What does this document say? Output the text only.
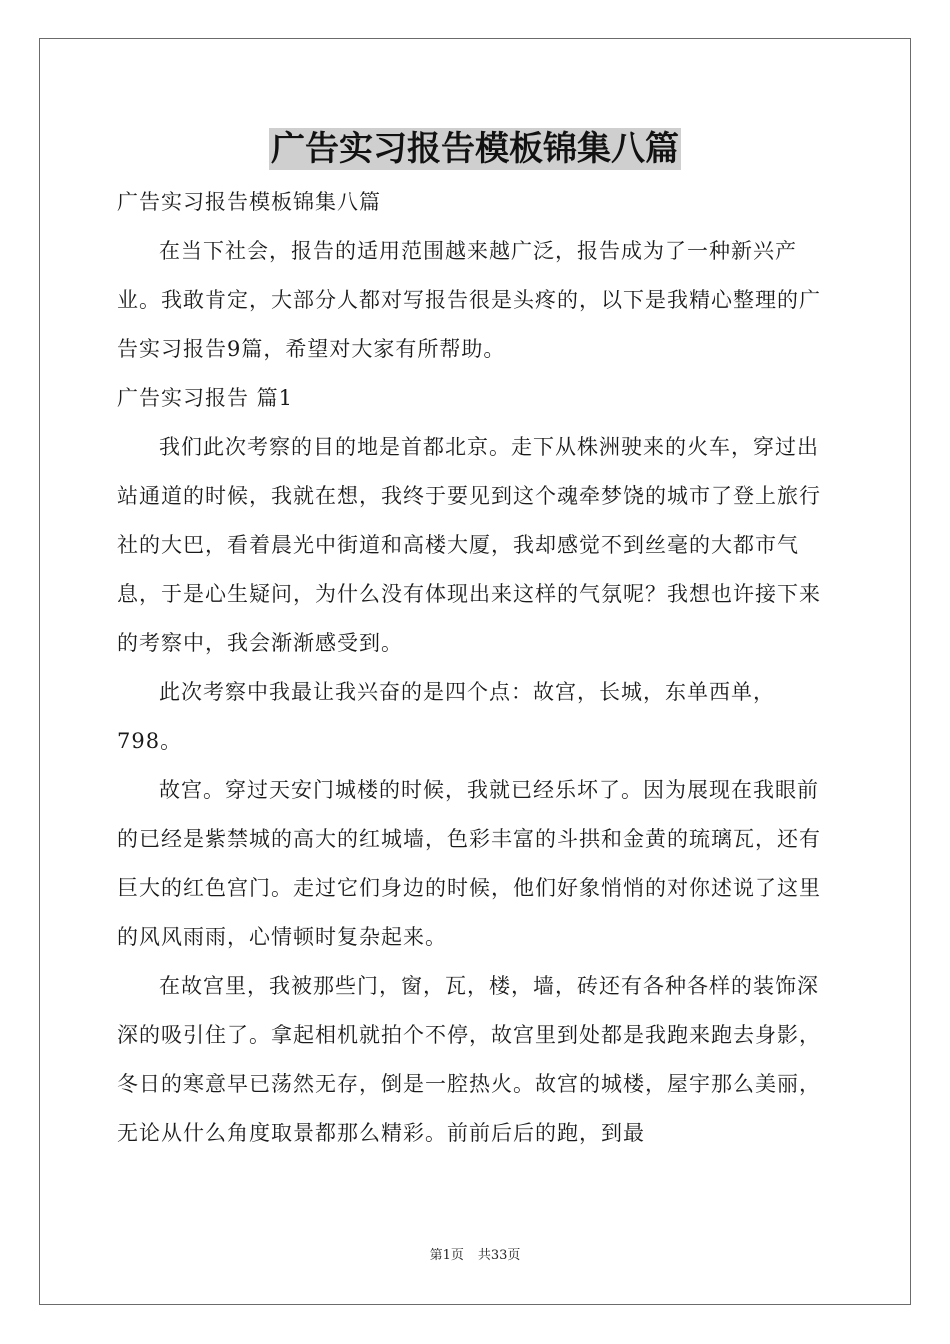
广告实习报告模板锦集八篇

广告实习报告模板锦集八篇

在当下社会，报告的适用范围越来越广泛，报告成为了一种新兴产业。我敢肯定，大部分人都对写报告很是头疼的，以下是我精心整理的广告实习报告9篇，希望对大家有所帮助。

广告实习报告 篇1

我们此次考察的目的地是首都北京。走下从株洲驶来的火车，穿过出站通道的时候，我就在想，我终于要见到这个魂牵梦饶的城市了登上旅行社的大巴，看着晨光中街道和高楼大厦，我却感觉不到丝毫的大都市气息，于是心生疑问，为什么没有体现出来这样的气氛呢？我想也许接下来的考察中，我会渐渐感受到。

此次考察中我最让我兴奋的是四个点：故宫，长城，东单西单，798。

故宫。穿过天安门城楼的时候，我就已经乐坏了。因为展现在我眼前的已经是紫禁城的高大的红城墙，色彩丰富的斗拱和金黄的琉璃瓦，还有巨大的红色宫门。走过它们身边的时候，他们好象悄悄的对你述说了这里的风风雨雨，心情顿时复杂起来。

在故宫里，我被那些门，窗，瓦，楼，墙，砖还有各种各样的装饰深深的吸引住了。拿起相机就拍个不停，故宫里到处都是我跑来跑去身影，冬日的寒意早已荡然无存，倒是一腔热火。故宫的城楼，屋宇那么美丽，无论从什么角度取景都那么精彩。前前后后的跑，到最

第1页 共33页
